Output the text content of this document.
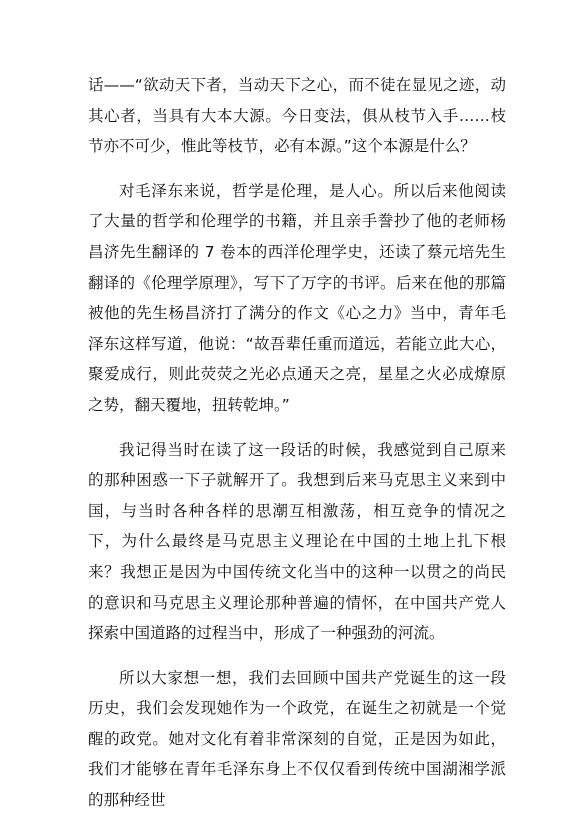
话——“欲动天下者，当动天下之心，而不徒在显见之迹，动其心者，当具有大本大源。今日变法，俱从枝节入手……枝节亦不可少，惟此等枝节，必有本源。”这个本源是什么？

对毛泽东来说，哲学是伦理，是人心。所以后来他阅读了大量的哲学和伦理学的书籍，并且亲手誊抄了他的老师杨昌济先生翻译的 7 卷本的西洋伦理学史，还读了蔡元培先生翻译的《伦理学原理》，写下了万字的书评。后来在他的那篇被他的先生杨昌济打了满分的作文《心之力》当中，青年毛泽东这样写道，他说：“故吾辈任重而道远，若能立此大心，聚爱成行，则此荧荧之光必点通天之亮，星星之火必成燎原之势，翻天覆地，扭转乾坤。”

我记得当时在读了这一段话的时候，我感觉到自己原来的那种困惑一下子就解开了。我想到后来马克思主义来到中国，与当时各种各样的思潮互相激荡，相互竞争的情况之下，为什么最终是马克思主义理论在中国的土地上扎下根来？我想正是因为中国传统文化当中的这种一以贯之的尚民的意识和马克思主义理论那种普遍的情怀，在中国共产党人探索中国道路的过程当中，形成了一种强劲的河流。

所以大家想一想，我们去回顾中国共产党诞生的这一段历史，我们会发现她作为一个政党，在诞生之初就是一个觉醒的政党。她对文化有着非常深刻的自觉，正是因为如此，我们才能够在青年毛泽东身上不仅仅看到传统中国湖湘学派的那种经世
